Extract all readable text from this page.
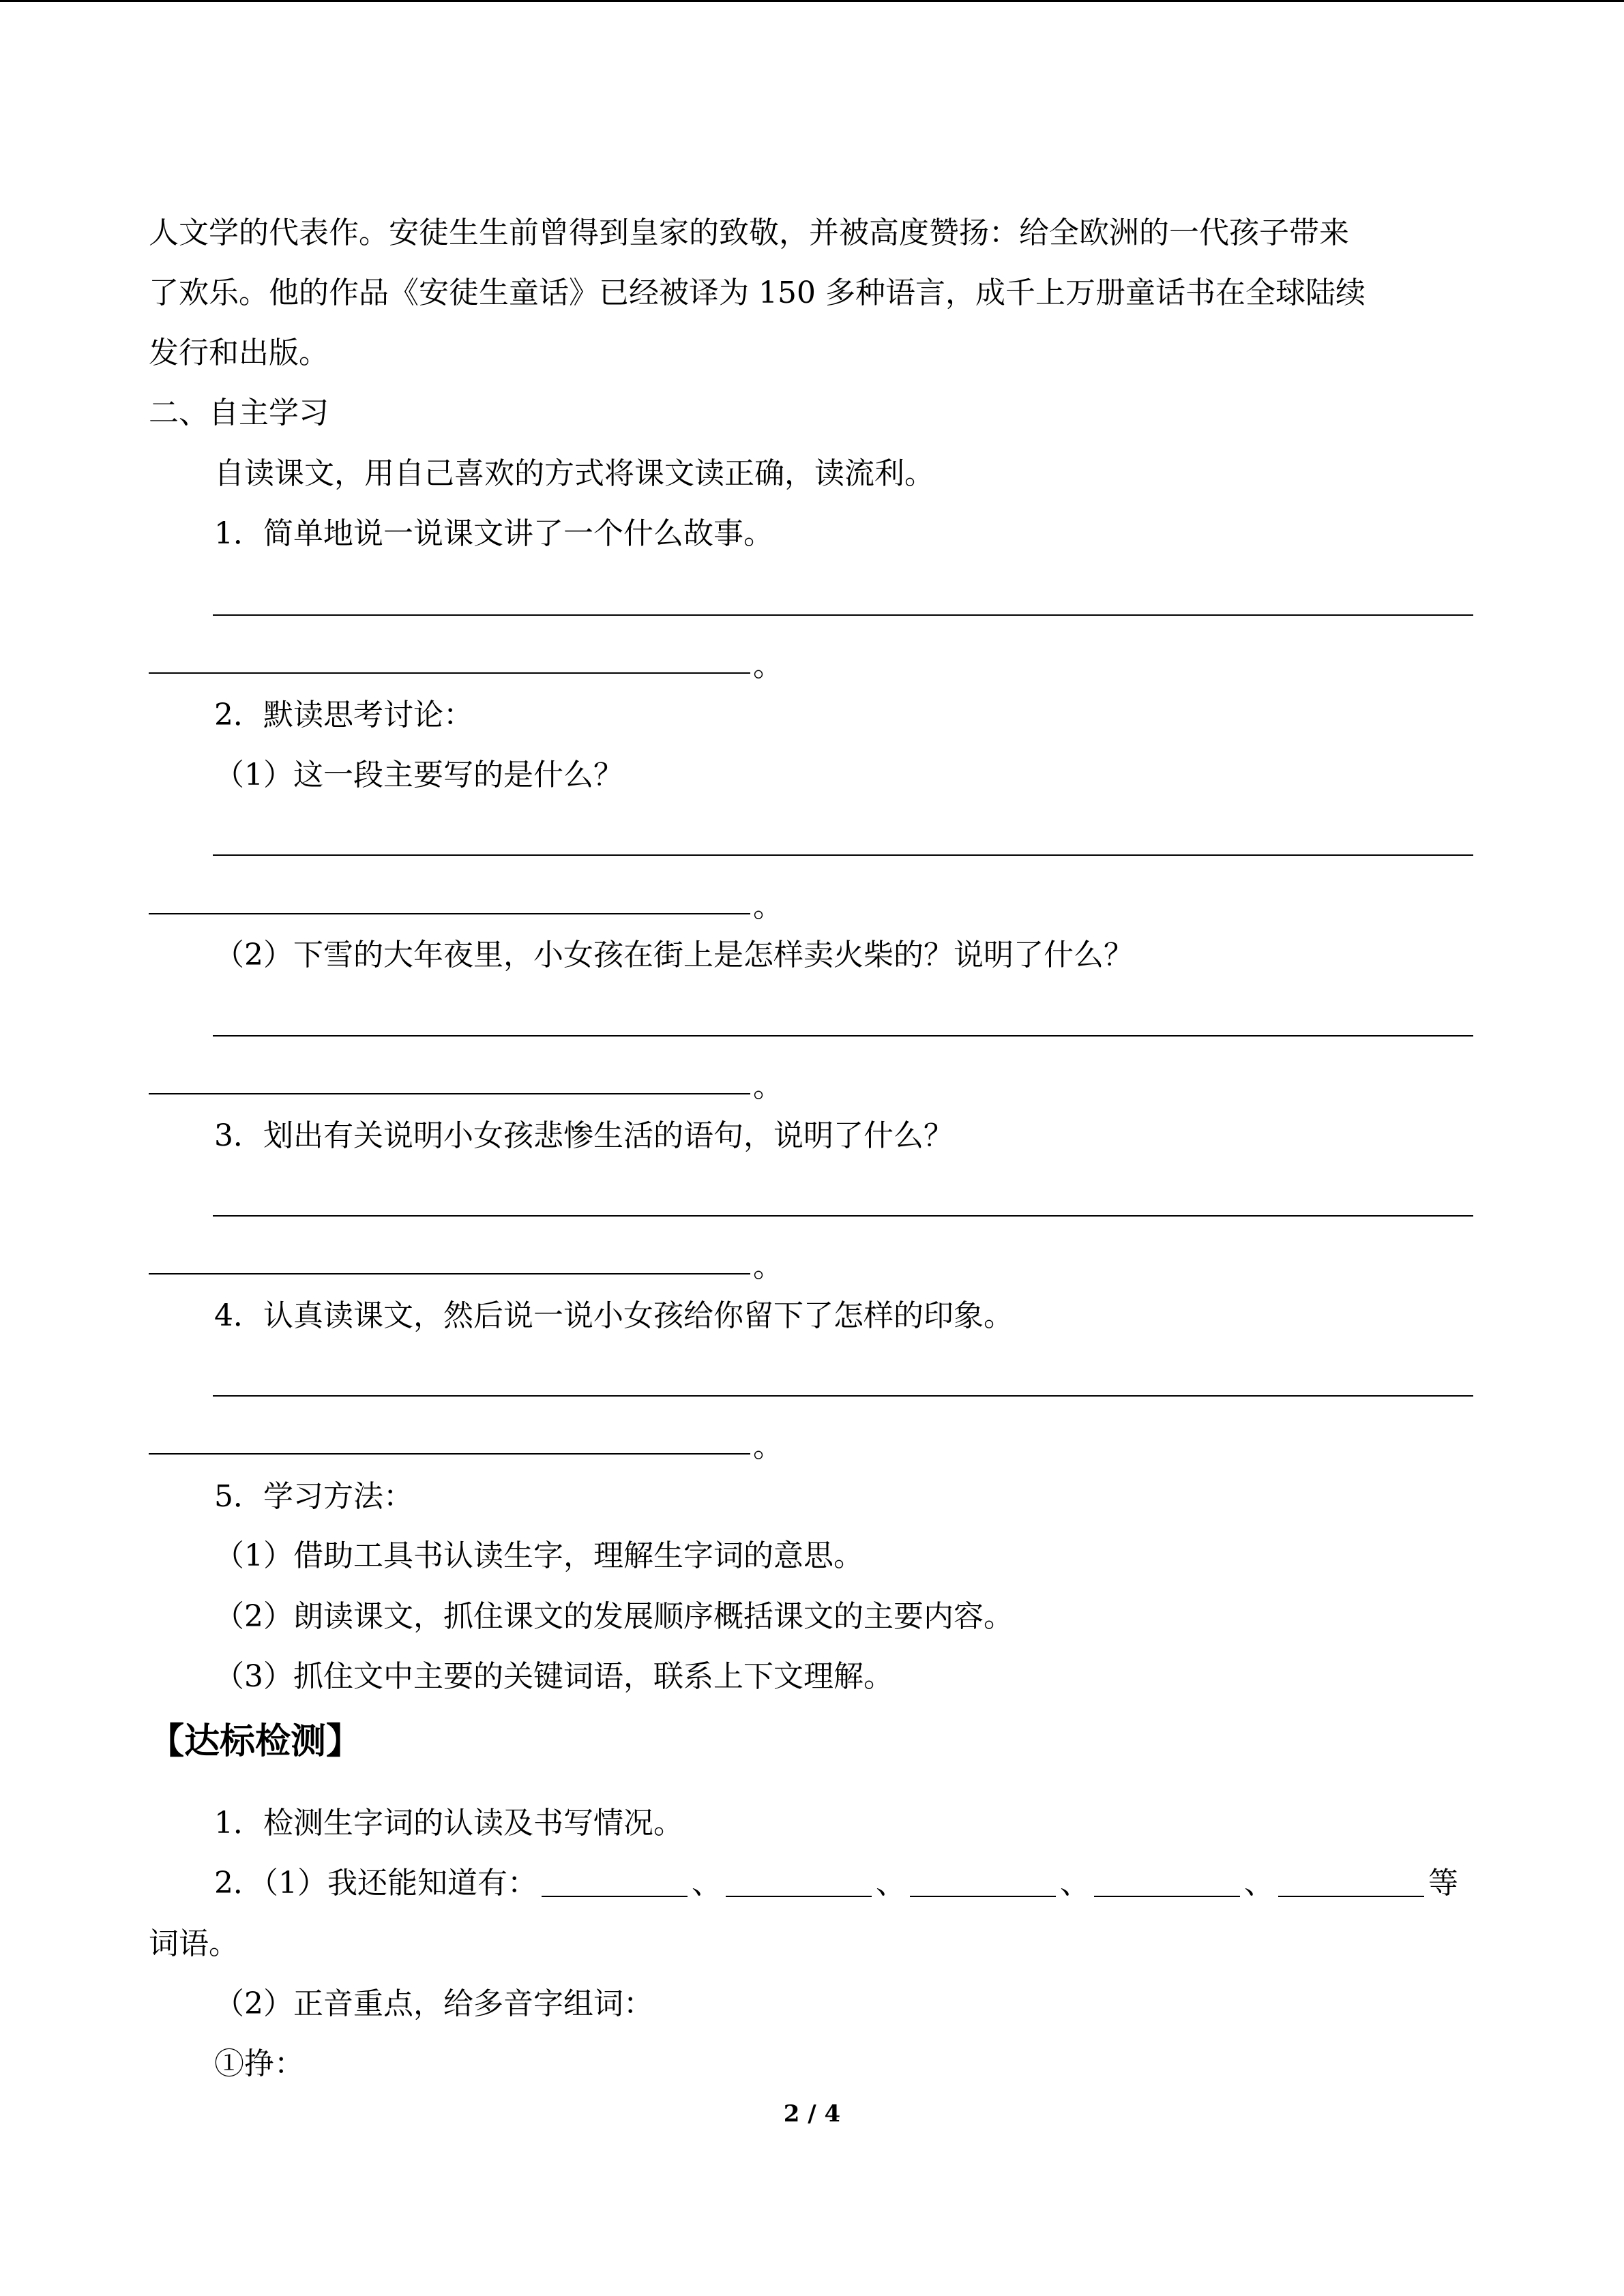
人文学的代表作。安徒生生前曾得到皇家的致敬，并被高度赞扬：给全欧洲的一代孩子带来
了欢乐。他的作品《安徒生童话》已经被译为 150 多种语言，成千上万册童话书在全球陆续
发行和出版。
二、自主学习
自读课文，用自己喜欢的方式将课文读正确，读流利。
1．简单地说一说课文讲了一个什么故事。
。
2．默读思考讨论：
（1）这一段主要写的是什么？
。
（2）下雪的大年夜里，小女孩在街上是怎样卖火柴的？说明了什么？
。
3．划出有关说明小女孩悲惨生活的语句，说明了什么？
。
4．认真读课文，然后说一说小女孩给你留下了怎样的印象。
。
5．学习方法：
（1）借助工具书认读生字，理解生字词的意思。
（2）朗读课文，抓住课文的发展顺序概括课文的主要内容。
（3）抓住文中主要的关键词语，联系上下文理解。
【达标检测】
1．检测生字词的认读及书写情况。
2．（1）我还能知道有：	、	、	、	、	等
词语。
（2）正音重点，给多音字组词：
①挣：
2 / 4
